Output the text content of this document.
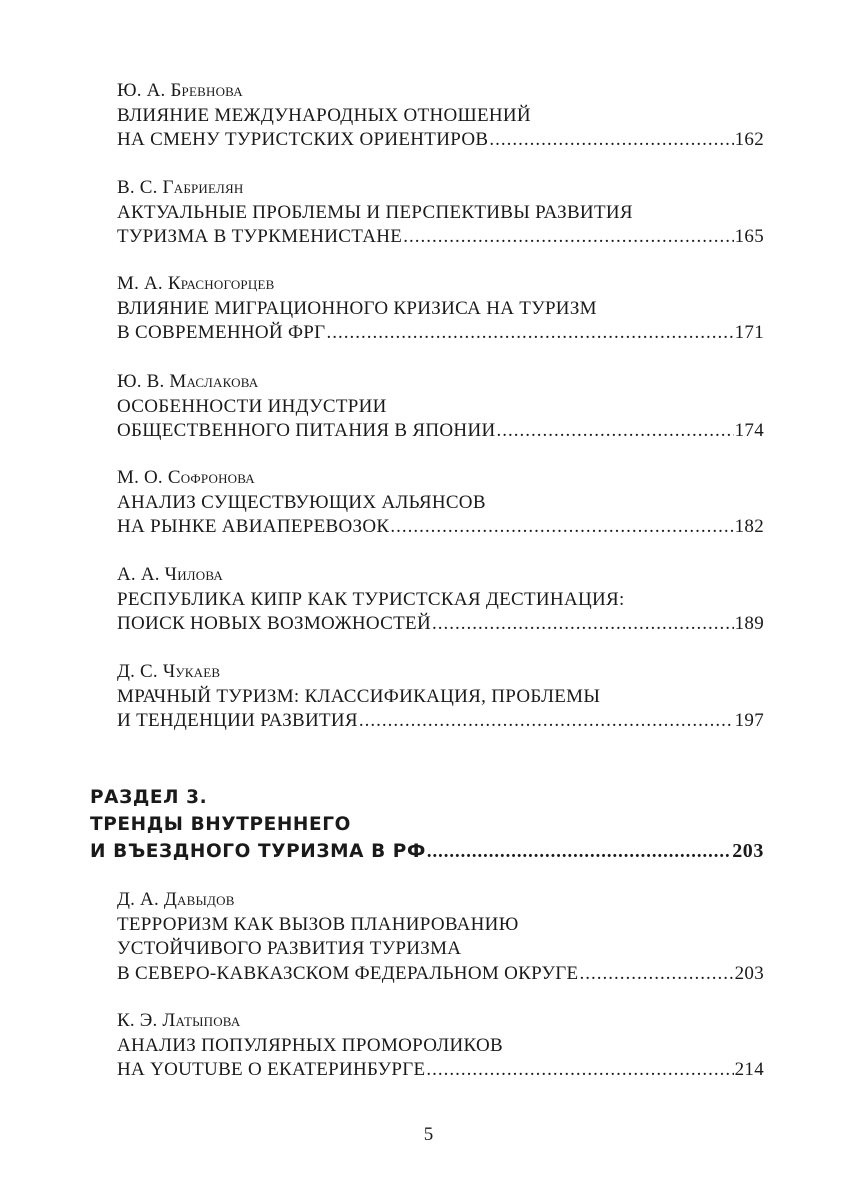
Ю. А. Бревнова
ВЛИЯНИЕ МЕЖДУНАРОДНЫХ ОТНОШЕНИЙ
НА СМЕНУ ТУРИСТСКИХ ОРИЕНТИРОВ .....	162
В. С. Габриелян
АКТУАЛЬНЫЕ ПРОБЛЕМЫ И ПЕРСПЕКТИВЫ РАЗВИТИЯ
ТУРИЗМА В ТУРКМЕНИСТАНЕ .....	165
М. А. Красногорцев
ВЛИЯНИЕ МИГРАЦИОННОГО КРИЗИСА НА ТУРИЗМ
В СОВРЕМЕННОЙ ФРГ .....	171
Ю. В. Маслакова
ОСОБЕННОСТИ ИНДУСТРИИ
ОБЩЕСТВЕННОГО ПИТАНИЯ В ЯПОНИИ .....	174
М. О. Софронова
АНАЛИЗ СУЩЕСТВУЮЩИХ АЛЬЯНСОВ
НА РЫНКЕ АВИАПЕРЕВОЗОК .....	182
А. А. Чилова
РЕСПУБЛИКА КИПР КАК ТУРИСТСКАЯ ДЕСТИНАЦИЯ:
ПОИСК НОВЫХ ВОЗМОЖНОСТЕЙ .....	189
Д. С. Чукаев
МРАЧНЫЙ ТУРИЗМ: КЛАССИФИКАЦИЯ, ПРОБЛЕМЫ
И ТЕНДЕНЦИИ РАЗВИТИЯ .....	197
РАЗДЕЛ 3.
ТРЕНДЫ ВНУТРЕННЕГО
И ВЪЕЗДНОГО ТУРИЗМА В РФ .....	203
Д. А. Давыдов
ТЕРРОРИЗМ КАК ВЫЗОВ ПЛАНИРОВАНИЮ
УСТОЙЧИВОГО РАЗВИТИЯ ТУРИЗМА
В СЕВЕРО-КАВКАЗСКОМ ФЕДЕРАЛЬНОМ ОКРУГЕ .....	203
К. Э. Латыпова
АНАЛИЗ ПОПУЛЯРНЫХ ПРОМОРОЛИКОВ
НА YOUTUBE О ЕКАТЕРИНБУРГЕ .....	214
5
